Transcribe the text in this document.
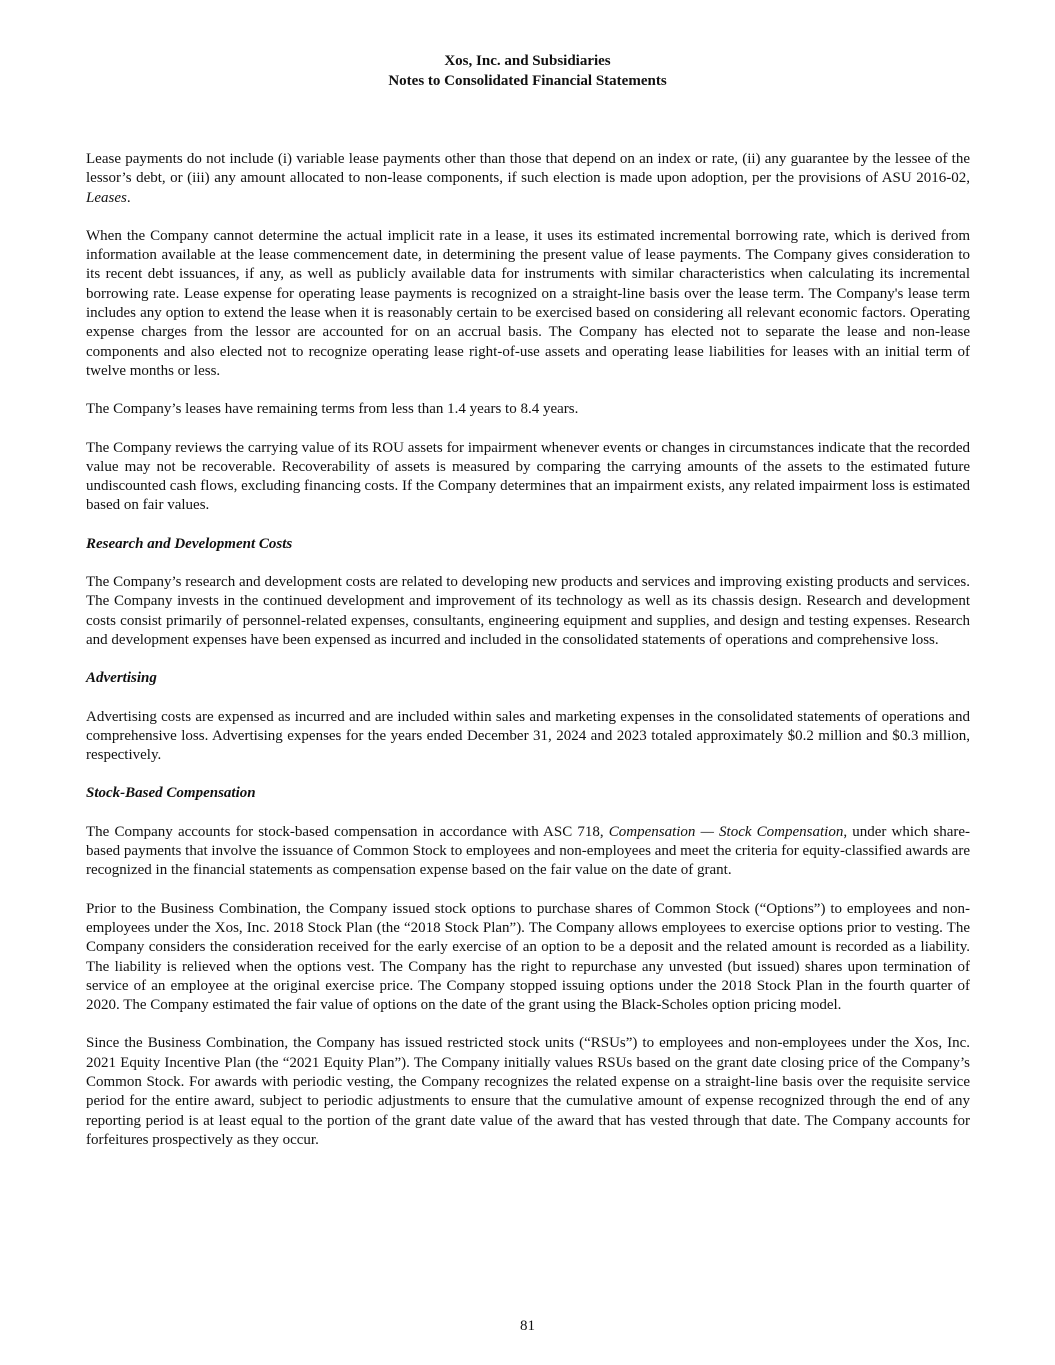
Xos, Inc. and Subsidiaries
Notes to Consolidated Financial Statements

Lease payments do not include (i) variable lease payments other than those that depend on an index or rate, (ii) any guarantee by the lessee of the lessor’s debt, or (iii) any amount allocated to non-lease components, if such election is made upon adoption, per the provisions of ASU 2016-02, Leases.

When the Company cannot determine the actual implicit rate in a lease, it uses its estimated incremental borrowing rate, which is derived from information available at the lease commencement date, in determining the present value of lease payments. The Company gives consideration to its recent debt issuances, if any, as well as publicly available data for instruments with similar characteristics when calculating its incremental borrowing rate. Lease expense for operating lease payments is recognized on a straight-line basis over the lease term. The Company's lease term includes any option to extend the lease when it is reasonably certain to be exercised based on considering all relevant economic factors. Operating expense charges from the lessor are accounted for on an accrual basis. The Company has elected not to separate the lease and non-lease components and also elected not to recognize operating lease right-of-use assets and operating lease liabilities for leases with an initial term of twelve months or less.

The Company’s leases have remaining terms from less than 1.4 years to 8.4 years.

The Company reviews the carrying value of its ROU assets for impairment whenever events or changes in circumstances indicate that the recorded value may not be recoverable. Recoverability of assets is measured by comparing the carrying amounts of the assets to the estimated future undiscounted cash flows, excluding financing costs. If the Company determines that an impairment exists, any related impairment loss is estimated based on fair values.

Research and Development Costs

The Company’s research and development costs are related to developing new products and services and improving existing products and services. The Company invests in the continued development and improvement of its technology as well as its chassis design. Research and development costs consist primarily of personnel-related expenses, consultants, engineering equipment and supplies, and design and testing expenses. Research and development expenses have been expensed as incurred and included in the consolidated statements of operations and comprehensive loss.

Advertising

Advertising costs are expensed as incurred and are included within sales and marketing expenses in the consolidated statements of operations and comprehensive loss. Advertising expenses for the years ended December 31, 2024 and 2023 totaled approximately $0.2 million and $0.3 million, respectively.

Stock-Based Compensation

The Company accounts for stock-based compensation in accordance with ASC 718, Compensation — Stock Compensation, under which share-based payments that involve the issuance of Common Stock to employees and non-employees and meet the criteria for equity-classified awards are recognized in the financial statements as compensation expense based on the fair value on the date of grant.

Prior to the Business Combination, the Company issued stock options to purchase shares of Common Stock (“Options”) to employees and non-employees under the Xos, Inc. 2018 Stock Plan (the “2018 Stock Plan”). The Company allows employees to exercise options prior to vesting. The Company considers the consideration received for the early exercise of an option to be a deposit and the related amount is recorded as a liability. The liability is relieved when the options vest. The Company has the right to repurchase any unvested (but issued) shares upon termination of service of an employee at the original exercise price. The Company stopped issuing options under the 2018 Stock Plan in the fourth quarter of 2020. The Company estimated the fair value of options on the date of the grant using the Black-Scholes option pricing model.

Since the Business Combination, the Company has issued restricted stock units (“RSUs”) to employees and non-employees under the Xos, Inc. 2021 Equity Incentive Plan (the “2021 Equity Plan”). The Company initially values RSUs based on the grant date closing price of the Company’s Common Stock. For awards with periodic vesting, the Company recognizes the related expense on a straight-line basis over the requisite service period for the entire award, subject to periodic adjustments to ensure that the cumulative amount of expense recognized through the end of any reporting period is at least equal to the portion of the grant date value of the award that has vested through that date. The Company accounts for forfeitures prospectively as they occur.

81
